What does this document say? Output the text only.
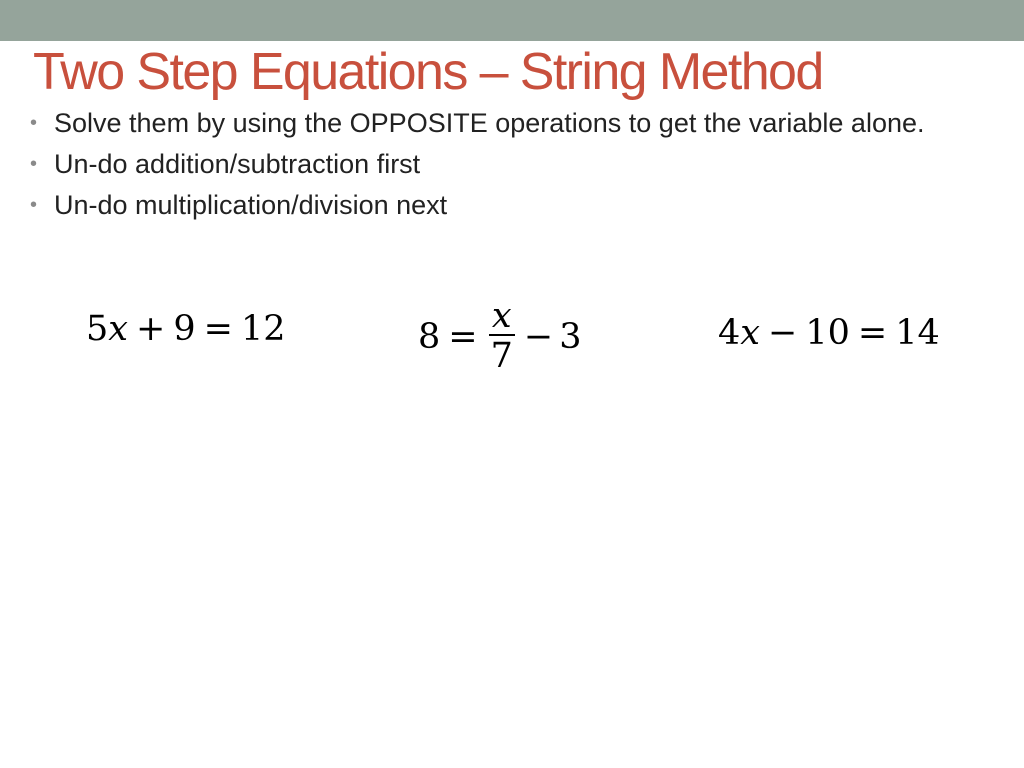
Two Step Equations – String Method
• Solve them by using the OPPOSITE operations to get the variable alone.
• Un-do addition/subtraction first
• Un-do multiplication/division next
5x + 9 = 12	$8 = \frac{x}{7} - 3$	4x − 10 = 14
